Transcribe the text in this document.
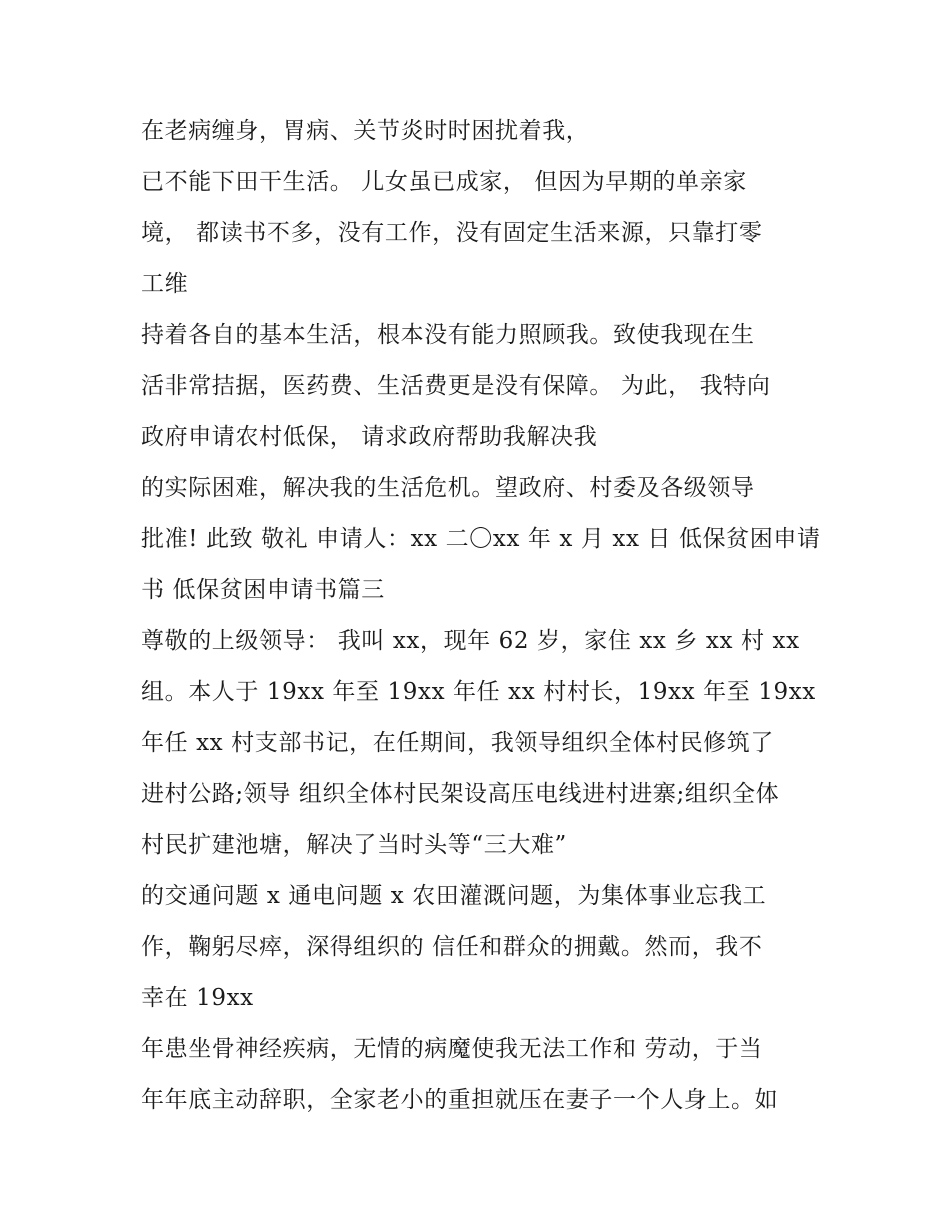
在老病缠身，胃病、关节炎时时困扰着我，
已不能下田干生活。 儿女虽已成家， 但因为早期的单亲家
境， 都读书不多，没有工作，没有固定生活来源，只靠打零
工维
持着各自的基本生活，根本没有能力照顾我。致使我现在生
活非常拮据，医药费、生活费更是没有保障。 为此， 我特向
政府申请农村低保， 请求政府帮助我解决我
的实际困难，解决我的生活危机。望政府、村委及各级领导
批准! 此致 敬礼 申请人：xx 二〇xx 年 x 月 xx 日 低保贫困申请
书 低保贫困申请书篇三
尊敬的上级领导： 我叫 xx，现年 62 岁，家住 xx 乡 xx 村 xx
组。本人于 19xx 年至 19xx 年任 xx 村村长，19xx 年至 19xx
年任 xx 村支部书记，在任期间，我领导组织全体村民修筑了
进村公路;领导 组织全体村民架设高压电线进村进寨;组织全体
村民扩建池塘，解决了当时头等“三大难”
的交通问题 x 通电问题 x 农田灌溉问题，为集体事业忘我工
作，鞠躬尽瘁，深得组织的 信任和群众的拥戴。然而，我不
幸在 19xx
年患坐骨神经疾病，无情的病魔使我无法工作和 劳动，于当
年年底主动辞职，全家老小的重担就压在妻子一个人身上。如
